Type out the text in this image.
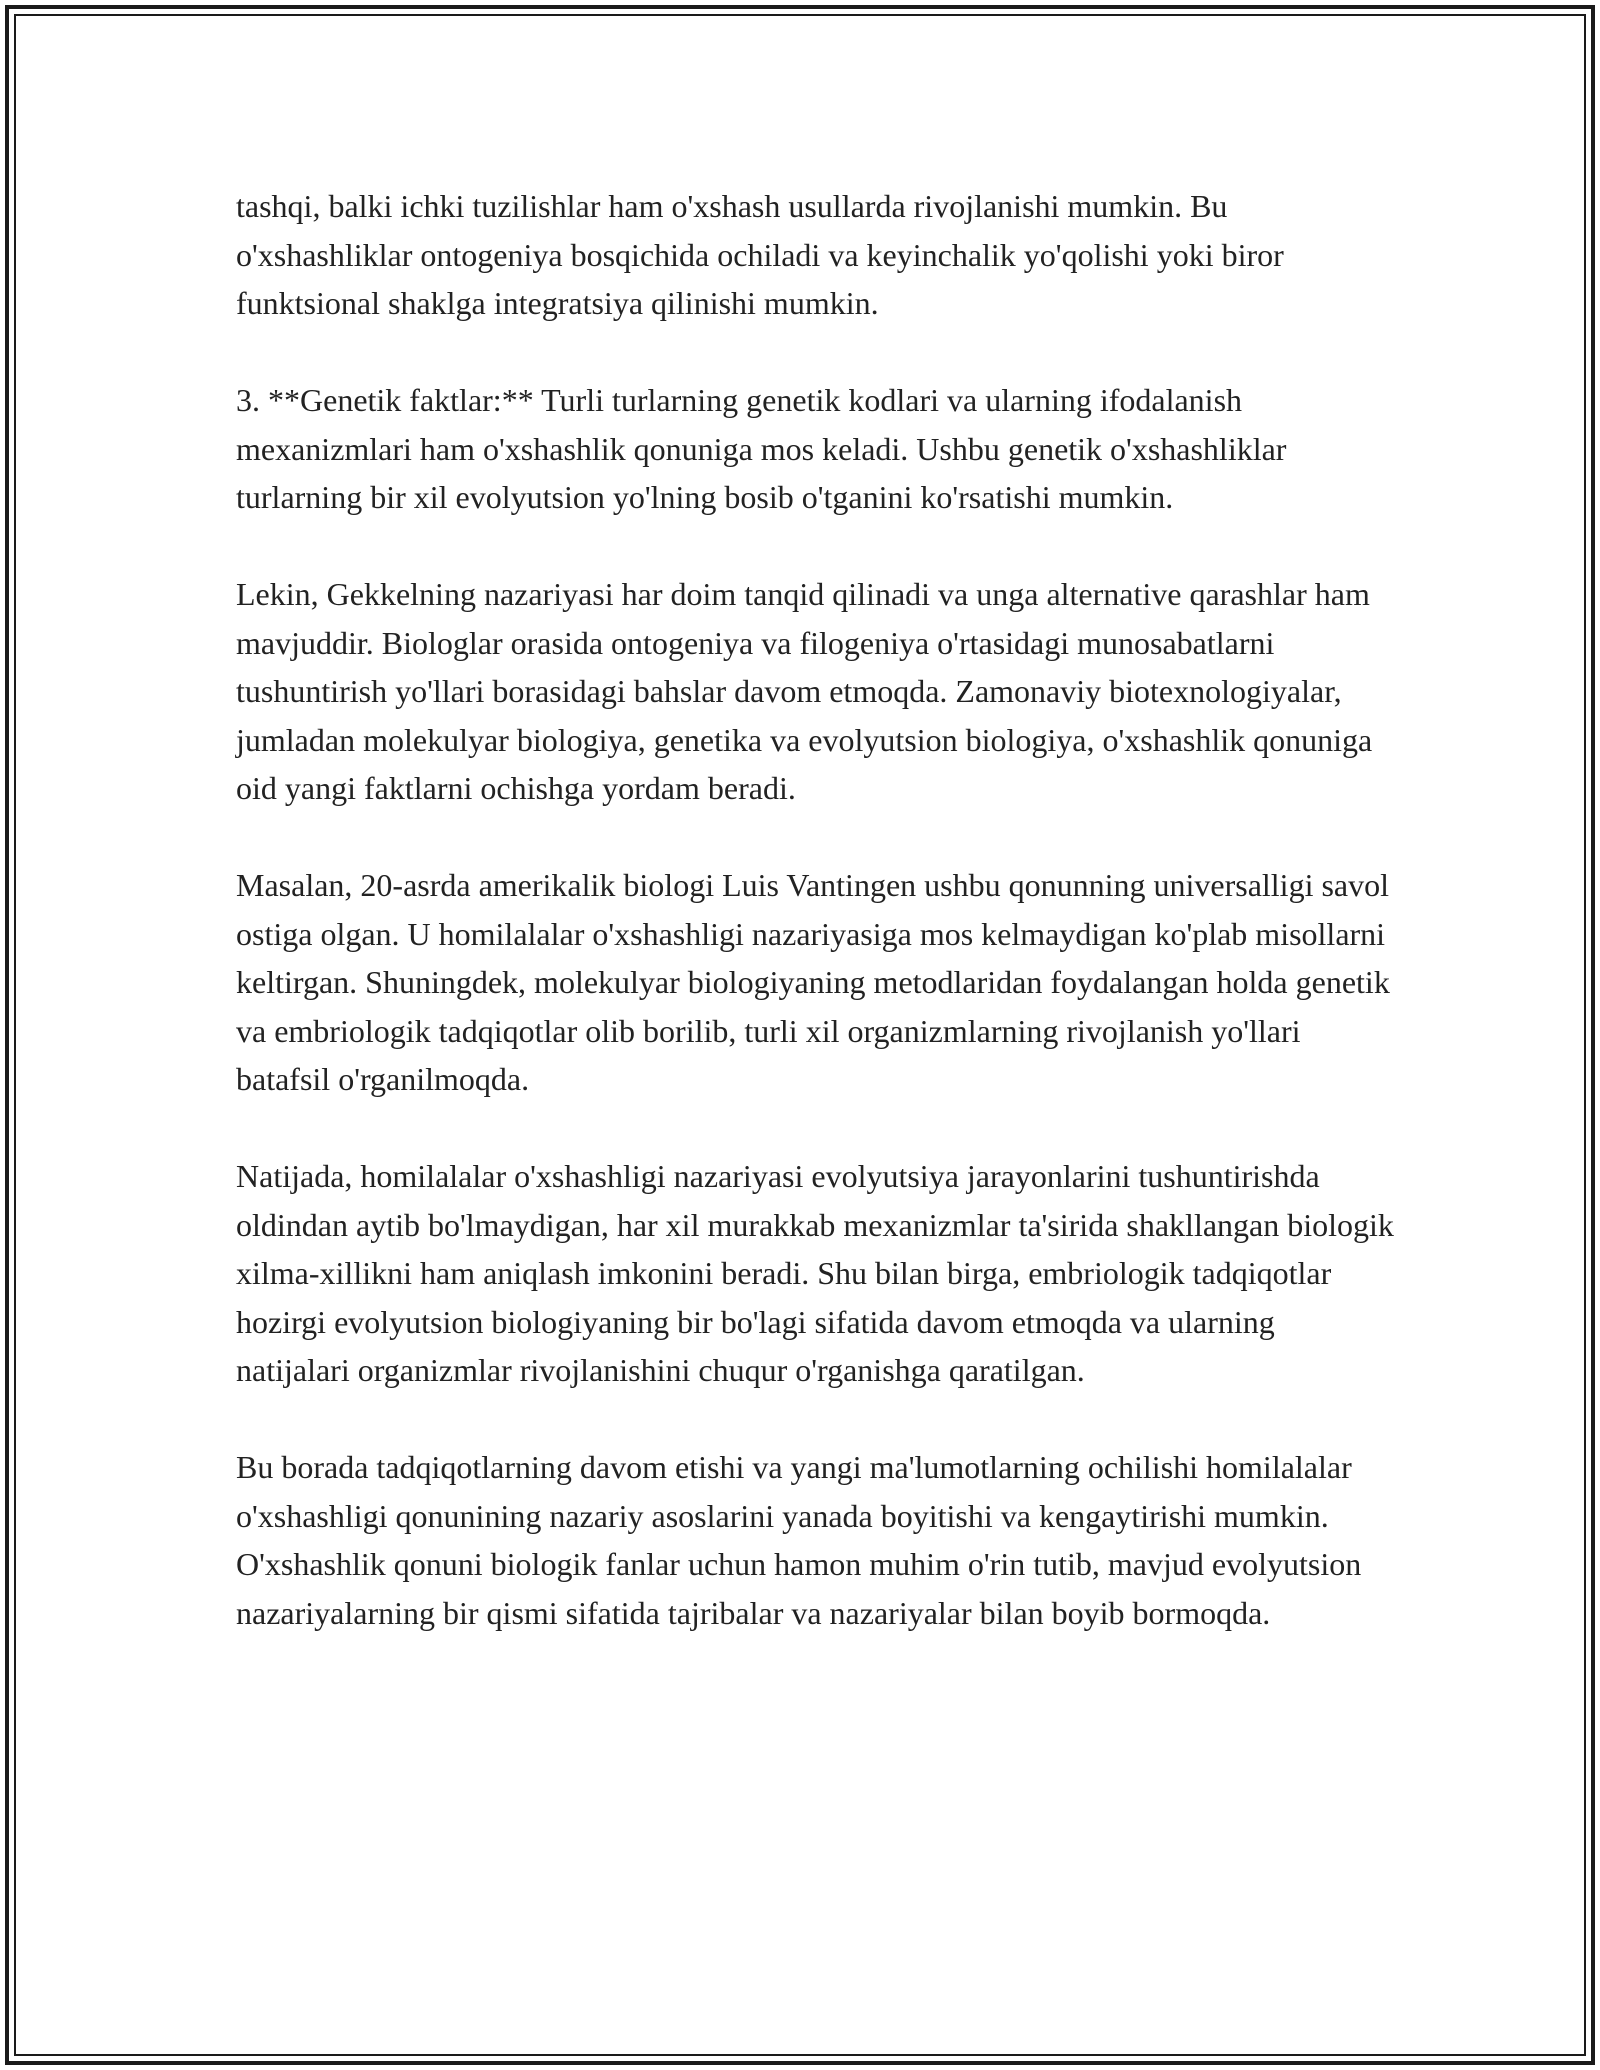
tashqi, balki ichki tuzilishlar ham o'xshash usullarda rivojlanishi mumkin. Bu o'xshashliklar ontogeniya bosqichida ochiladi va keyinchalik yo'qolishi yoki biror funktsional shaklga integratsiya qilinishi mumkin.

3. **Genetik faktlar:** Turli turlarning genetik kodlari va ularning ifodalanish mexanizmlari ham o'xshashlik qonuniga mos keladi. Ushbu genetik o'xshashliklar turlarning bir xil evolyutsion yo'lning bosib o'tganini ko'rsatishi mumkin.

Lekin, Gekkelning nazariyasi har doim tanqid qilinadi va unga alternative qarashlar ham mavjuddir. Biologlar orasida ontogeniya va filogeniya o'rtasidagi munosabatlarni tushuntirish yo'llari borasidagi bahslar davom etmoqda. Zamonaviy biotexnologiyalar, jumladan molekulyar biologiya, genetika va evolyutsion biologiya, o'xshashlik qonuniga oid yangi faktlarni ochishga yordam beradi.

Masalan, 20-asrda amerikalik biologi Luis Vantingen ushbu qonunning universalligi savol ostiga olgan. U homilalalar o'xshashligi nazariyasiga mos kelmaydigan ko'plab misollarni keltirgan. Shuningdek, molekulyar biologiyaning metodlaridan foydalangan holda genetik va embriologik tadqiqotlar olib borilib, turli xil organizmlarning rivojlanish yo'llari batafsil o'rganilmoqda.

Natijada, homilalalar o'xshashligi nazariyasi evolyutsiya jarayonlarini tushuntirishda oldindan aytib bo'lmaydigan, har xil murakkab mexanizmlar ta'sirida shakllangan biologik xilma-xillikni ham aniqlash imkonini beradi. Shu bilan birga, embriologik tadqiqotlar hozirgi evolyutsion biologiyaning bir bo'lagi sifatida davom etmoqda va ularning natijalari organizmlar rivojlanishini chuqur o'rganishga qaratilgan.

Bu borada tadqiqotlarning davom etishi va yangi ma'lumotlarning ochilishi homilalalar o'xshashligi qonunining nazariy asoslarini yanada boyitishi va kengaytirishi mumkin. O'xshashlik qonuni biologik fanlar uchun hamon muhim o'rin tutib, mavjud evolyutsion nazariyalarning bir qismi sifatida tajribalar va nazariyalar bilan boyib bormoqda.
